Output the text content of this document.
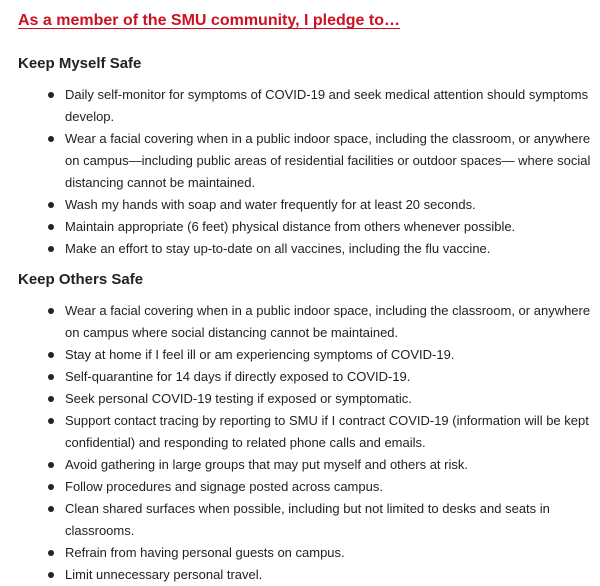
As a member of the SMU community, I pledge to…
Keep Myself Safe
Daily self-monitor for symptoms of COVID-19 and seek medical attention should symptoms develop.
Wear a facial covering when in a public indoor space, including the classroom, or anywhere on campus—including public areas of residential facilities or outdoor spaces— where social distancing cannot be maintained.
Wash my hands with soap and water frequently for at least 20 seconds.
Maintain appropriate (6 feet) physical distance from others whenever possible.
Make an effort to stay up-to-date on all vaccines, including the flu vaccine.
Keep Others Safe
Wear a facial covering when in a public indoor space, including the classroom, or anywhere on campus where social distancing cannot be maintained.
Stay at home if I feel ill or am experiencing symptoms of COVID-19.
Self-quarantine for 14 days if directly exposed to COVID-19.
Seek personal COVID-19 testing if exposed or symptomatic.
Support contact tracing by reporting to SMU if I contract COVID-19 (information will be kept confidential) and responding to related phone calls and emails.
Avoid gathering in large groups that may put myself and others at risk.
Follow procedures and signage posted across campus.
Clean shared surfaces when possible, including but not limited to desks and seats in classrooms.
Refrain from having personal guests on campus.
Limit unnecessary personal travel.
